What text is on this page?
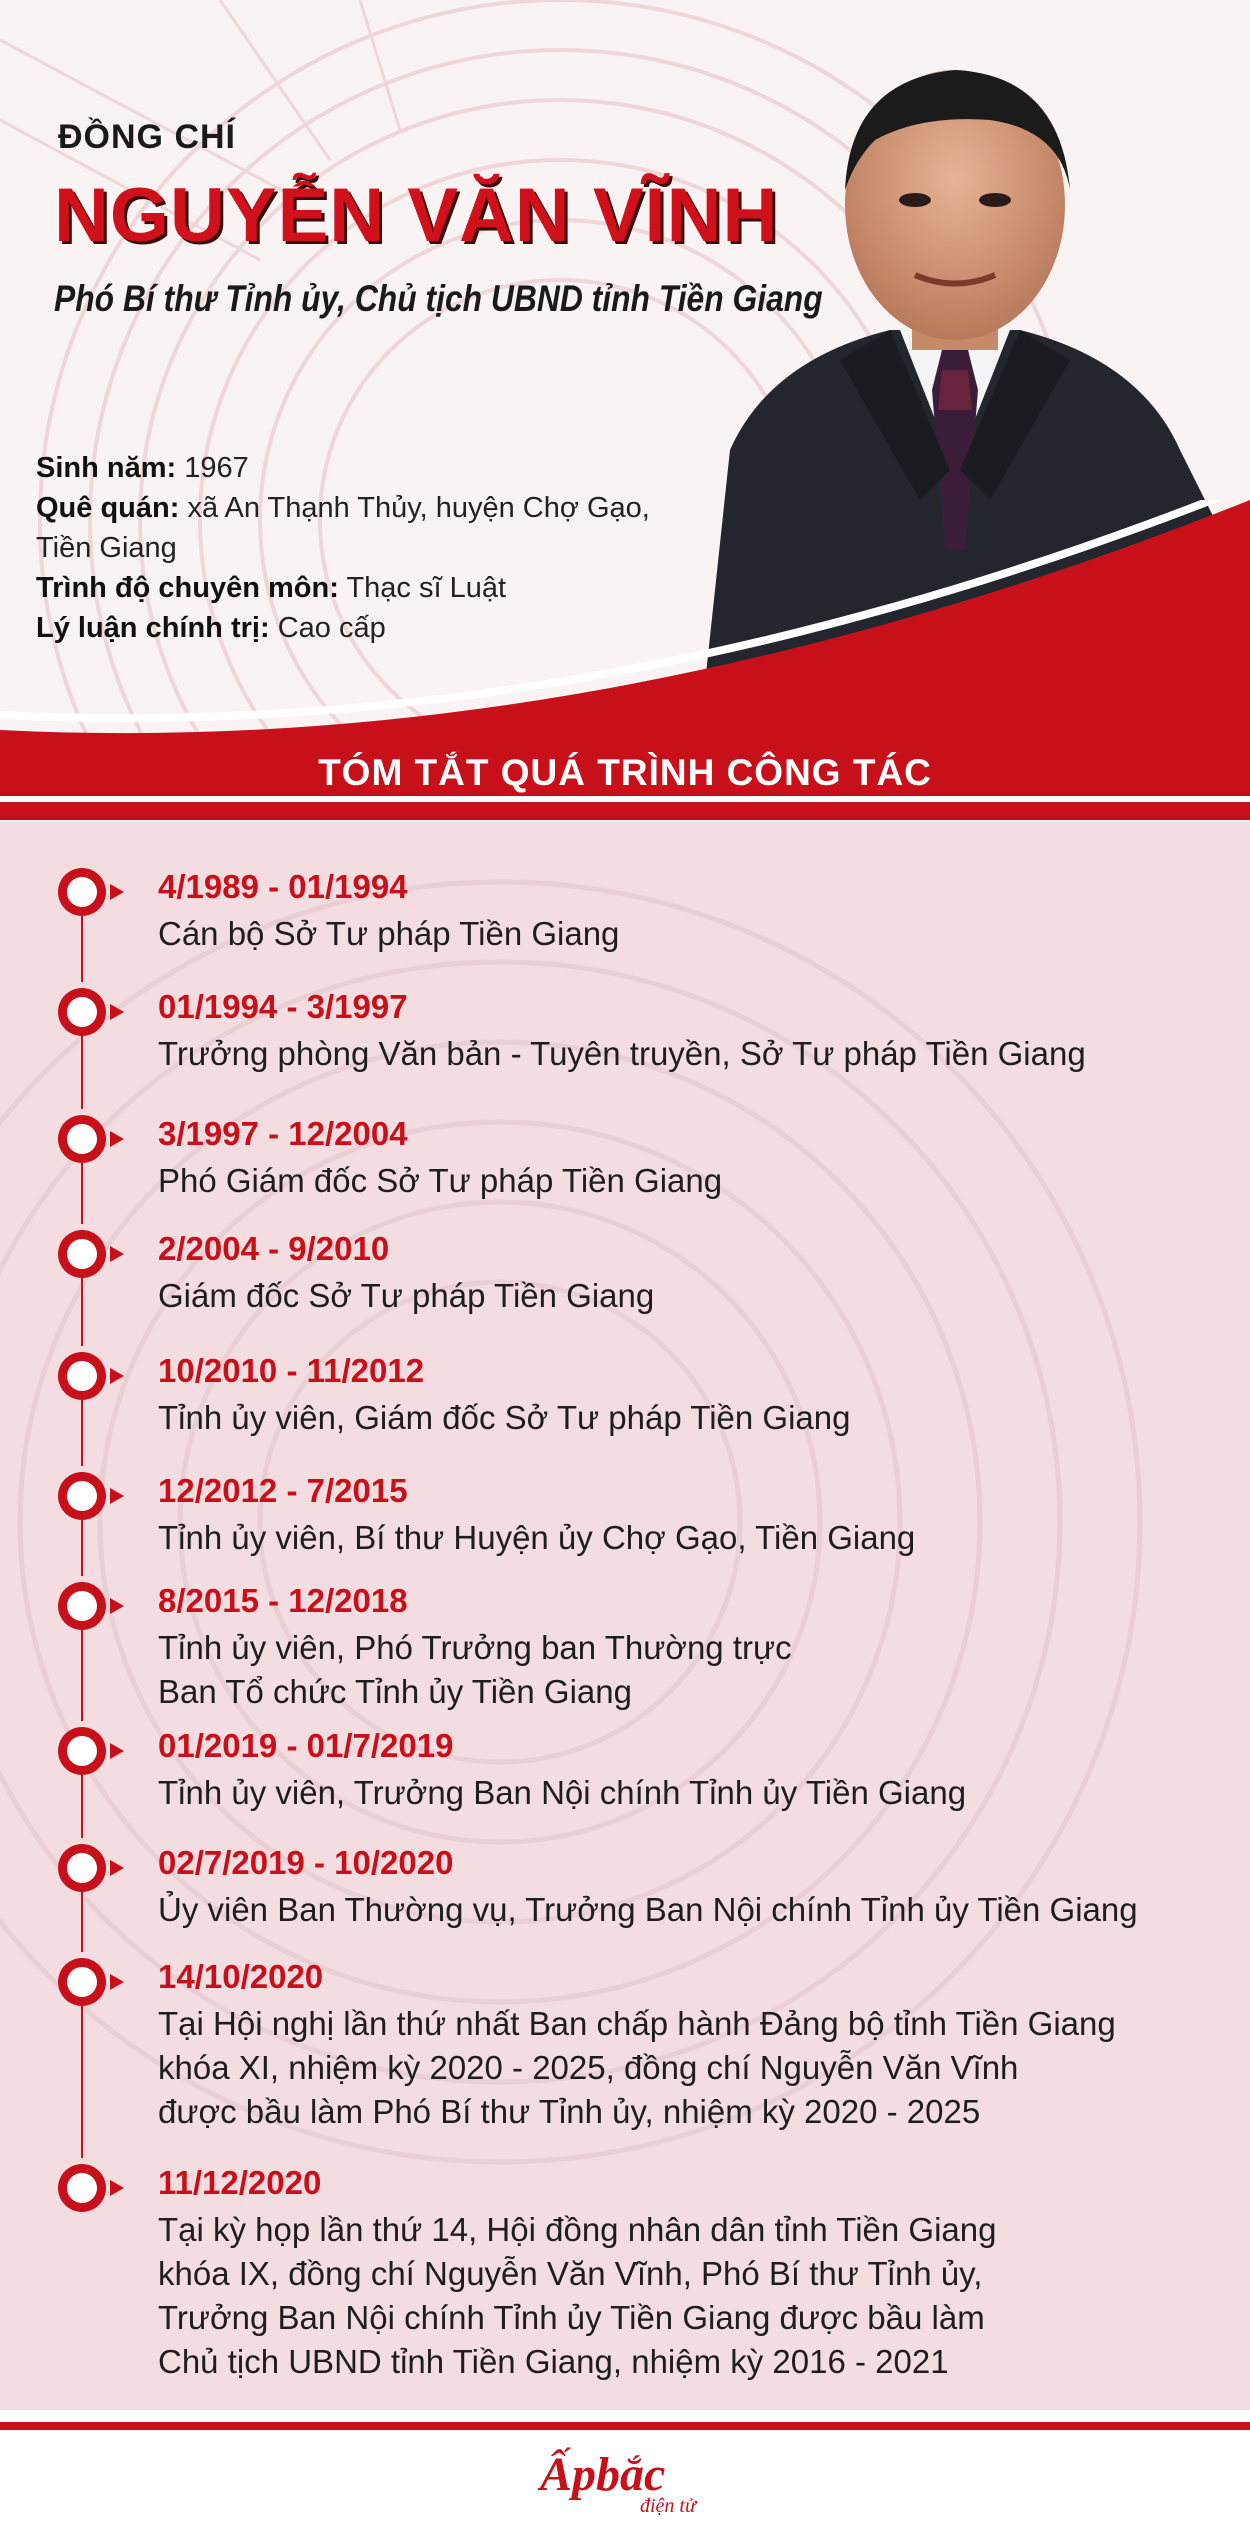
ĐỒNG CHÍ
NGUYỄN VĂN VĨNH
Phó Bí thư Tỉnh ủy, Chủ tịch UBND tỉnh Tiền Giang
Sinh năm: 1967
Quê quán: xã An Thạnh Thủy, huyện Chợ Gạo,
Tiền Giang
Trình độ chuyên môn: Thạc sĩ Luật
Lý luận chính trị: Cao cấp
TÓM TẮT QUÁ TRÌNH CÔNG TÁC
4/1989 - 01/1994
Cán bộ Sở Tư pháp Tiền Giang
01/1994 - 3/1997
Trưởng phòng Văn bản - Tuyên truyền, Sở Tư pháp Tiền Giang
3/1997 - 12/2004
Phó Giám đốc Sở Tư pháp Tiền Giang
2/2004 - 9/2010
Giám đốc Sở Tư pháp Tiền Giang
10/2010 - 11/2012
Tỉnh ủy viên, Giám đốc Sở Tư pháp Tiền Giang
12/2012 - 7/2015
Tỉnh ủy viên, Bí thư Huyện ủy Chợ Gạo, Tiền Giang
8/2015 - 12/2018
Tỉnh ủy viên, Phó Trưởng ban Thường trực
Ban Tổ chức Tỉnh ủy Tiền Giang
01/2019 - 01/7/2019
Tỉnh ủy viên, Trưởng Ban Nội chính Tỉnh ủy Tiền Giang
02/7/2019 - 10/2020
Ủy viên Ban Thường vụ, Trưởng Ban Nội chính Tỉnh ủy Tiền Giang
14/10/2020
Tại Hội nghị lần thứ nhất Ban chấp hành Đảng bộ tỉnh Tiền Giang
khóa XI, nhiệm kỳ 2020 - 2025, đồng chí Nguyễn Văn Vĩnh
được bầu làm Phó Bí thư Tỉnh ủy, nhiệm kỳ 2020 - 2025
11/12/2020
Tại kỳ họp lần thứ 14, Hội đồng nhân dân tỉnh Tiền Giang
khóa IX, đồng chí Nguyễn Văn Vĩnh, Phó Bí thư Tỉnh ủy,
Trưởng Ban Nội chính Tỉnh ủy Tiền Giang được bầu làm
Chủ tịch UBND tỉnh Tiền Giang, nhiệm kỳ 2016 - 2021
Ấpbắc
điện tử
